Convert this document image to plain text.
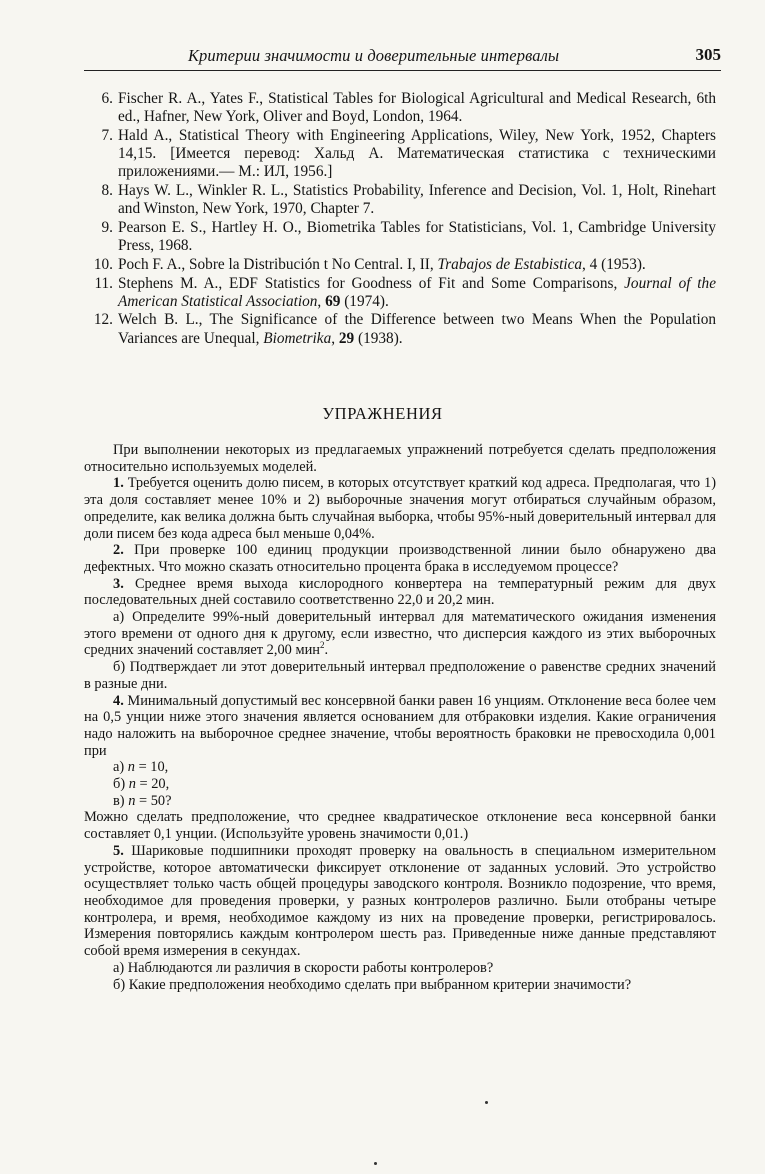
Критерии значимости и доверительные интервалы	305
6. Fischer R. A., Yates F., Statistical Tables for Biological Agricultural and Medical Research, 6th ed., Hafner, New York, Oliver and Boyd, London, 1964.
7. Hald A., Statistical Theory with Engineering Applications, Wiley, New York, 1952, Chapters 14,15. [Имеется перевод: Хальд А. Математическая статистика с техническими приложениями.— М.: ИЛ, 1956.]
8. Hays W. L., Winkler R. L., Statistics Probability, Inference and Decision, Vol. 1, Holt, Rinehart and Winston, New York, 1970, Chapter 7.
9. Pearson E. S., Hartley H. O., Biometrika Tables for Statisticians, Vol. 1, Cambridge University Press, 1968.
10. Poch F. A., Sobre la Distribución t No Central. I, II, Trabajos de Estabistica, 4 (1953).
11. Stephens M. A., EDF Statistics for Goodness of Fit and Some Comparisons, Journal of the American Statistical Association, 69 (1974).
12. Welch B. L., The Significance of the Difference between two Means When the Population Variances are Unequal, Biometrika, 29 (1938).
УПРАЖНЕНИЯ

При выполнении некоторых из предлагаемых упражнений потребуется сделать предположения относительно используемых моделей.

1. Требуется оценить долю писем, в которых отсутствует краткий код адреса. Предполагая, что 1) эта доля составляет менее 10% и 2) выборочные значения могут отбираться случайным образом, определите, как велика должна быть случайная выборка, чтобы 95%-ный доверительный интервал для доли писем без кода адреса был меньше 0,04%.

2. При проверке 100 единиц продукции производственной линии было обнаружено два дефектных. Что можно сказать относительно процента брака в исследуемом процессе?

3. Среднее время выхода кислородного конвертера на температурный режим для двух последовательных дней составило соответственно 22,0 и 20,2 мин.

а) Определите 99%-ный доверительный интервал для математического ожидания изменения этого времени от одного дня к другому, если известно, что дисперсия каждого из этих выборочных средних значений составляет 2,00 мин$^2$.

б) Подтверждает ли этот доверительный интервал предположение о равенстве средних значений в разные дни.

4. Минимальный допустимый вес консервной банки равен 16 унциям. Отклонение веса более чем на 0,5 унции ниже этого значения является основанием для отбраковки изделия. Какие ограничения надо наложить на выборочное среднее значение, чтобы вероятность браковки не превосходила 0,001 при

а) n = 10,

б) n = 20,

в) n = 50?

Можно сделать предположение, что среднее квадратическое отклонение веса консервной банки составляет 0,1 унции. (Используйте уровень значимости 0,01.)

5. Шариковые подшипники проходят проверку на овальность в специальном измерительном устройстве, которое автоматически фиксирует отклонение от заданных условий. Это устройство осуществляет только часть общей процедуры заводского контроля. Возникло подозрение, что время, необходимое для проведения проверки, у разных контролеров различно. Были отобраны четыре контролера, и время, необходимое каждому из них на проведение проверки, регистрировалось. Измерения повторялись каждым контролером шесть раз. Приведенные ниже данные представляют собой время измерения в секундах.

а) Наблюдаются ли различия в скорости работы контролеров?

б) Какие предположения необходимо сделать при выбранном критерии значимости?
